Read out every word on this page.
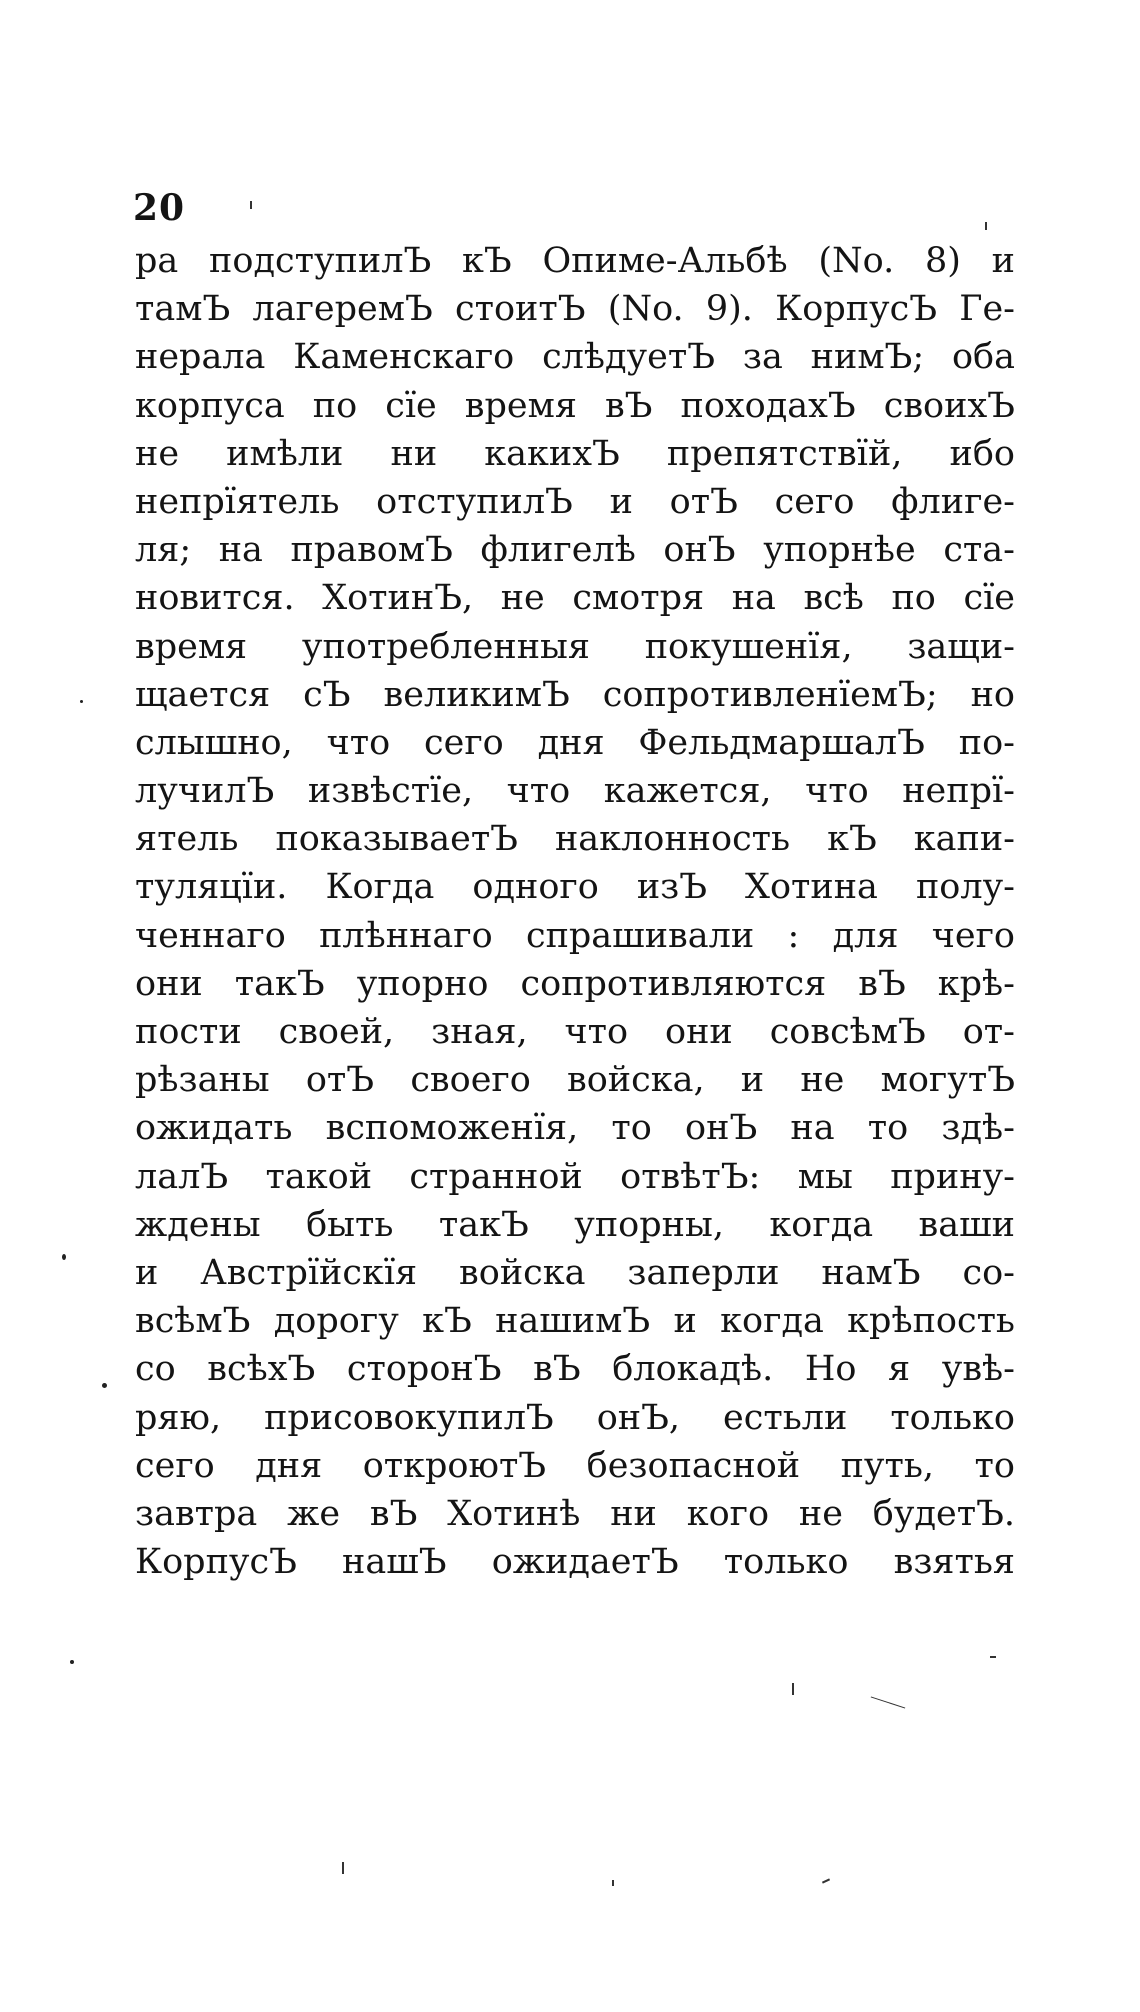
20
ра подступилЪ кЪ Опиме-Альбѣ (No. 8) и
тамЪ лагеремЪ стоитЪ (No. 9). КорпусЪ Ге-
нерала Каменскаго слѣдуетЪ за нимЪ; оба
корпуса по сïе время вЪ походахЪ своихЪ
не имѣли ни какихЪ препятствïй, ибо
непрïятель отступилЪ и отЪ сего флиге-
ля; на правомЪ флигелѣ онЪ упорнѣе ста-
новится. ХотинЪ, не смотря на всѣ по сïе
время употребленныя покушенïя, защи-
щается сЪ великимЪ сопротивленïемЪ; но
слышно, что сего дня ФельдмаршалЪ по-
лучилЪ извѣстïе, что кажется, что непрï-
ятель показываетЪ наклонность кЪ капи-
туляцïи. Когда одного изЪ Хотина полу-
ченнаго плѣннаго спрашивали : для чего
они такЪ упорно сопротивляются вЪ крѣ-
пости своей, зная, что они совсѣмЪ от-
рѣзаны отЪ своего войска, и не могутЪ
ожидать вспоможенïя, то онЪ на то здѣ-
лалЪ такой странной отвѣтЪ: мы прину-
ждены быть такЪ упорны, когда ваши
и Австрïйскïя войска заперли намЪ со-
всѣмЪ дорогу кЪ нашимЪ и когда крѣпость
со всѣхЪ сторонЪ вЪ блокадѣ. Но я увѣ-
ряю, присовокупилЪ онЪ, естьли только
сего дня откроютЪ безопасной путь, то
завтра же вЪ Хотинѣ ни кого не будетЪ.
КорпусЪ нашЪ ожидаетЪ только взятья
